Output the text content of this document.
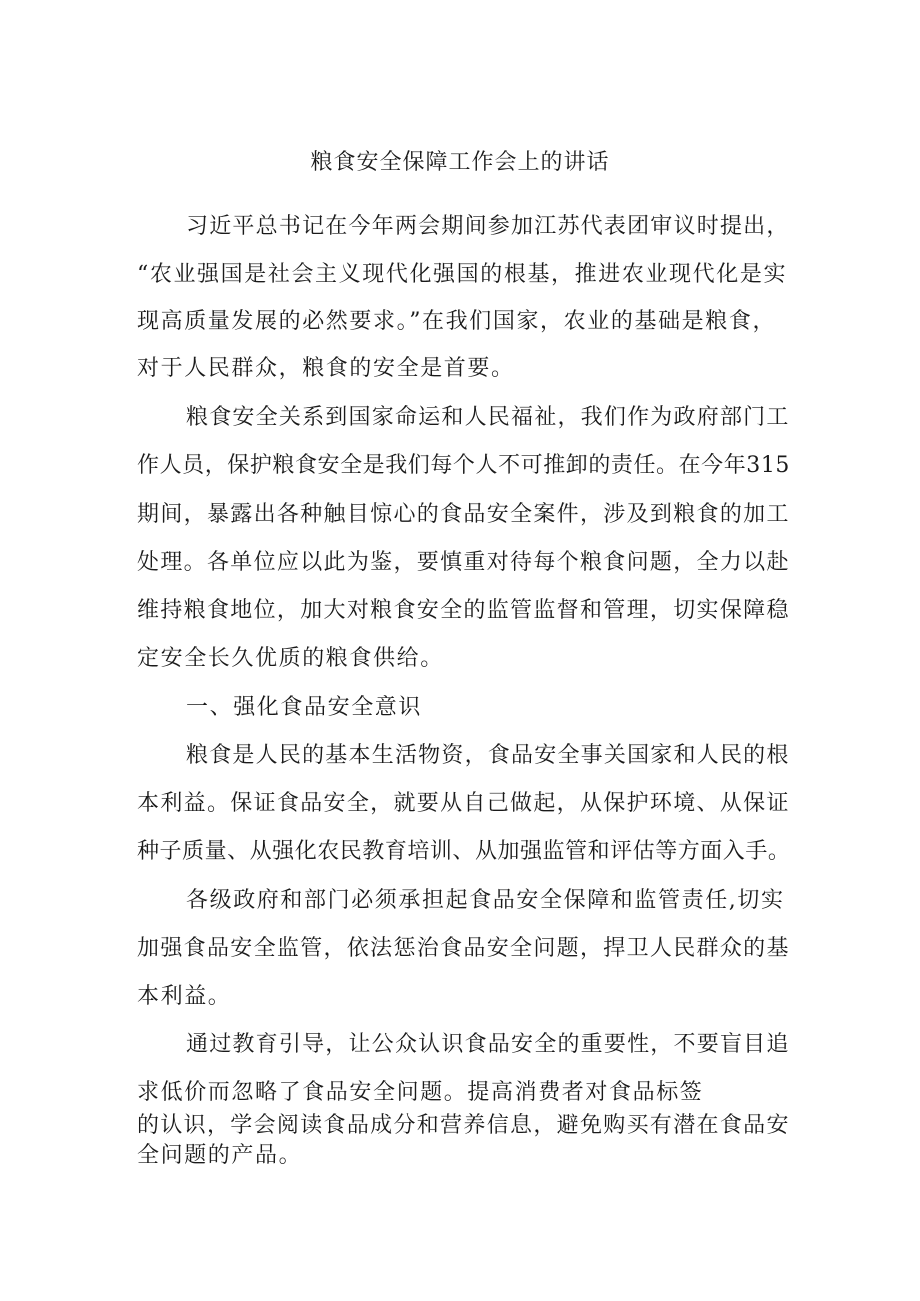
粮食安全保障工作会上的讲话
习近平总书记在今年两会期间参加江苏代表团审议时提出，
“农业强国是社会主义现代化强国的根基，推进农业现代化是实
现高质量发展的必然要求。”在我们国家，农业的基础是粮食，
对于人民群众，粮食的安全是首要。
粮食安全关系到国家命运和人民福祉，我们作为政府部门工
作人员，保护粮食安全是我们每个人不可推卸的责任。在今年315
期间，暴露出各种触目惊心的食品安全案件，涉及到粮食的加工
处理。各单位应以此为鉴，要慎重对待每个粮食问题，全力以赴
维持粮食地位，加大对粮食安全的监管监督和管理，切实保障稳
定安全长久优质的粮食供给。
一、强化食品安全意识
粮食是人民的基本生活物资，食品安全事关国家和人民的根
本利益。保证食品安全，就要从自己做起，从保护环境、从保证
种子质量、从强化农民教育培训、从加强监管和评估等方面入手。
各级政府和部门必须承担起食品安全保障和监管责任,切实
加强食品安全监管，依法惩治食品安全问题，捍卫人民群众的基
本利益。
通过教育引导，让公众认识食品安全的重要性，不要盲目追
求低价而忽略了食品安全问题。提高消费者对食品标签
的认识，学会阅读食品成分和营养信息，避免购买有潜在食品安
全问题的产品。
